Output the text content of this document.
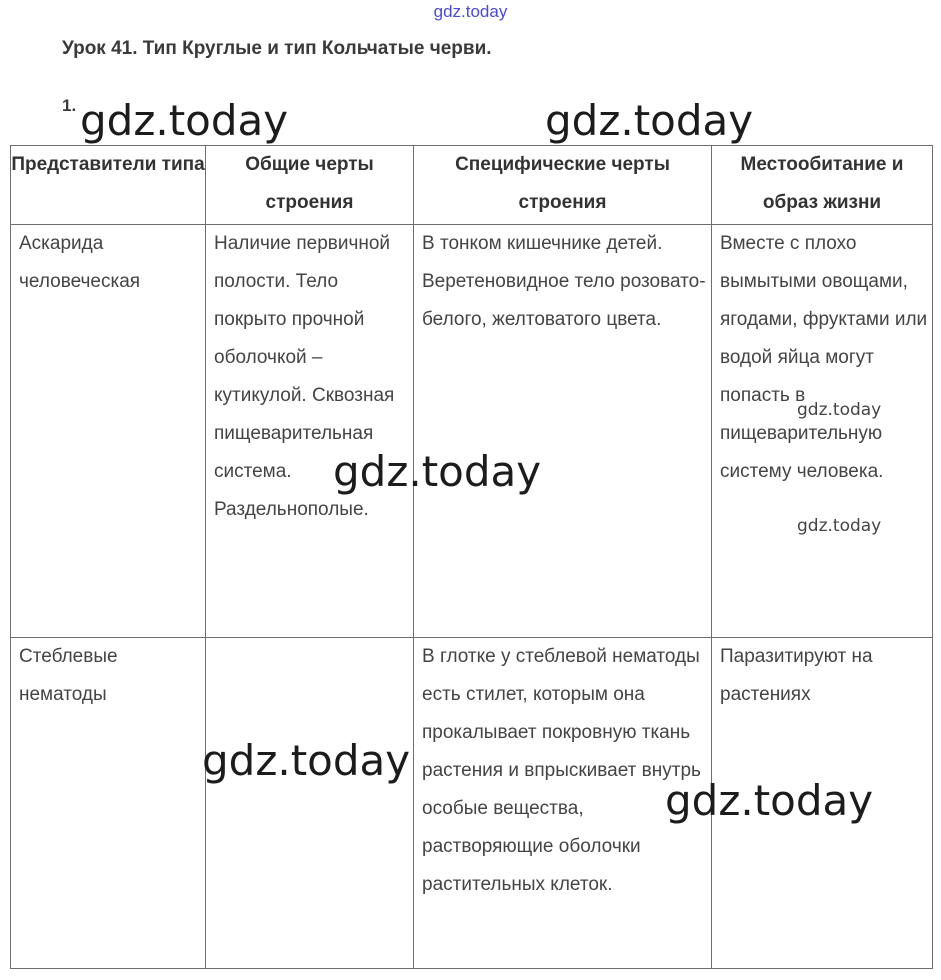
gdz.today
Урок 41. Тип Круглые и тип Кольчатые черви.
1.
Представители типа	Общие черты строения	Специфические черты строения	Местообитание и образ жизни
Аскарида человеческая	Наличие первичной полости. Тело покрыто прочной оболочкой – кутикулой. Сквозная пищеварительная система. Раздельнополые.	В тонком кишечнике детей. Веретеновидное тело розовато-белого, желтоватого цвета.	Вместе с плохо вымытыми овощами, ягодами, фруктами или водой яйца могут попасть в пищеварительную систему человека.
Стеблевые нематоды		В глотке у стеблевой нематоды есть стилет, которым она прокалывает покровную ткань растения и впрыскивает внутрь особые вещества, растворяющие оболочки растительных клеток.	Паразитируют на растениях
gdz.today	gdz.today
gdz.today
gdz.today
gdz.today
gdz.today
gdz.today
